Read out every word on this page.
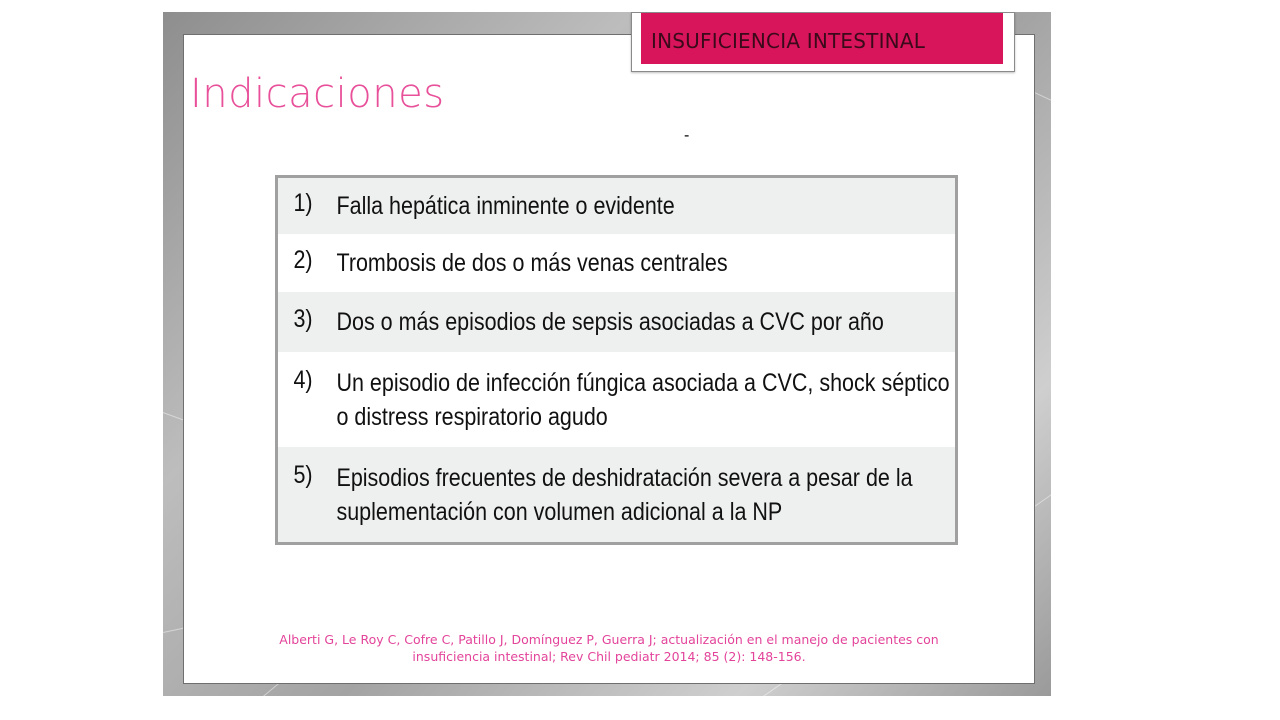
INSUFICIENCIA INTESTINAL
Indicaciones
-
1) Falla hepática inminente o evidente
2) Trombosis de dos o más venas centrales
3) Dos o más episodios de sepsis asociadas a CVC por año
4) Un episodio de infección fúngica asociada a CVC, shock séptico o distress respiratorio agudo
5) Episodios frecuentes de deshidratación severa a pesar de la suplementación con volumen adicional a la NP
Alberti G, Le Roy C, Cofre C, Patillo J, Domínguez P, Guerra J; actualización en el manejo de pacientes con
insuficiencia intestinal; Rev Chil pediatr 2014; 85 (2): 148-156.
